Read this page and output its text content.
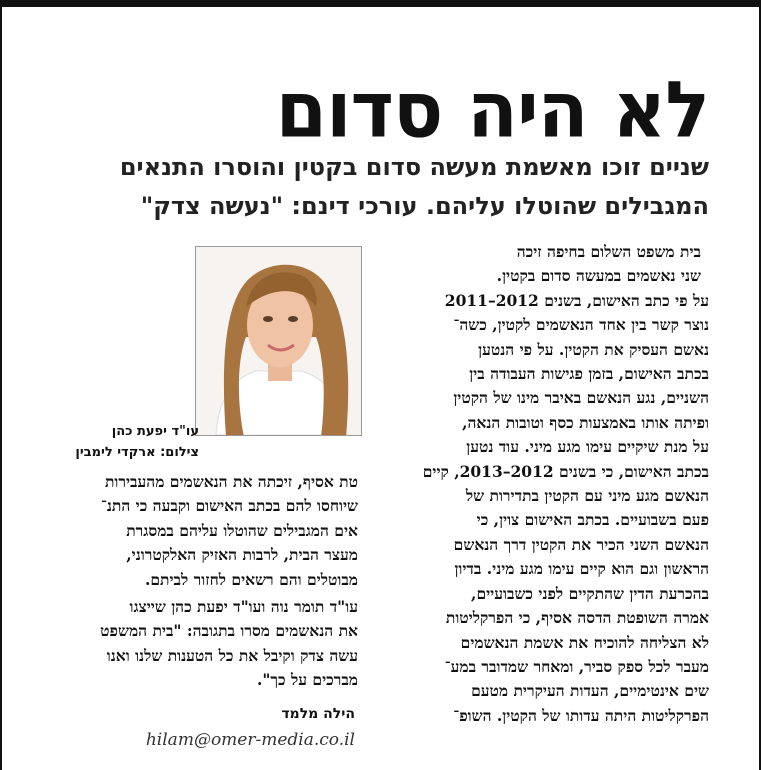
לא היה סדום
שניים זוכו מאשמת מעשה סדום בקטין והוסרו התנאים
המגבילים שהוטלו עליהם. עורכי דינם: "נעשה צדק"
בית משפט השלום בחיפה זיכה
שני נאשמים במעשה סדום בקטין.
על פי כתב האישום, בשנים 2012–2011
נוצר קשר בין אחד הנאשמים לקטין, כשה־
נאשם העסיק את הקטין. על פי הנטען
בכתב האישום, בזמן פגישות העבודה בין
השניים, נגע הנאשם באיבר מינו של הקטין
ופיתה אותו באמצעות כסף וטובות הנאה,
על מנת שיקיים עימו מגע מיני. עוד נטען
בכתב האישום, כי בשנים 2012–2013, קיים
הנאשם מגע מיני עם הקטין בתדירות של
פעם בשבועיים. בכתב האישום צוין, כי
הנאשם השני הכיר את הקטין דרך הנאשם
הראשון וגם הוא קיים עימו מגע מיני. בדיון
בהכרעת הדין שהתקיים לפני כשבועיים,
אמרה השופטת הדסה אסיף, כי הפרקליטות
לא הצליחה להוכיח את אשמת הנאשמים
מעבר לכל ספק סביר, ומאחר שמדובר במע־
שים אינטימיים, העדות העיקרית מטעם
הפרקליטות היתה עדותו של הקטין. השופ־
עו"ד יפעת כהן
צילום: ארקדי לימבין

טת אסיף, זיכתה את הנאשמים מהעבירות
שיוחסו להם בכתב האישום וקבעה כי התנ־
אים המגבילים שהוטלו עליהם במסגרת
מעצר הבית, לרבות האזיק האלקטרוני,
מבוטלים והם רשאים לחזור לביתם.

עו"ד תומר נוה ועו"ד יפעת כהן שייצגו
את הנאשמים מסרו בתגובה: "בית המשפט
עשה צדק וקיבל את כל הטענות שלנו ואנו
מברכים על כך".

הילה מלמד
hilam@omer-media.co.il
